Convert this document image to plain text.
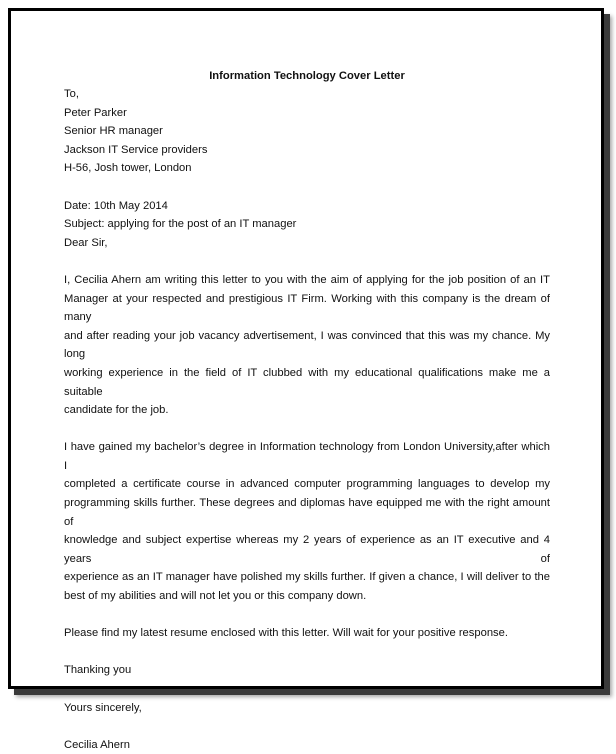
Information Technology Cover Letter
To,
Peter Parker
Senior HR manager
Jackson IT Service providers
H-56, Josh tower, London
Date: 10th May 2014
Subject: applying for the post of an IT manager
Dear Sir,
I, Cecilia Ahern am writing this letter to you with the aim of applying for the job position of an IT
Manager at your respected and prestigious IT Firm. Working with this company is the dream of many
and after reading your job vacancy advertisement, I was convinced that this was my chance. My long
working experience in the field of IT clubbed with my educational qualifications make me a suitable
candidate for the job.
I have gained my bachelor’s degree in Information technology from London University,after which I
completed a certificate course in advanced computer programming languages to develop my
programming skills further. These degrees and diplomas have equipped me with the right amount of
knowledge and subject expertise whereas my 2 years of experience as an IT executive and 4 years of
experience as an IT manager have polished my skills further. If given a chance, I will deliver to the
best of my abilities and will not let you or this company down.
Please find my latest resume enclosed with this letter. Will wait for your positive response.
Thanking you
Yours sincerely,
Cecilia Ahern
